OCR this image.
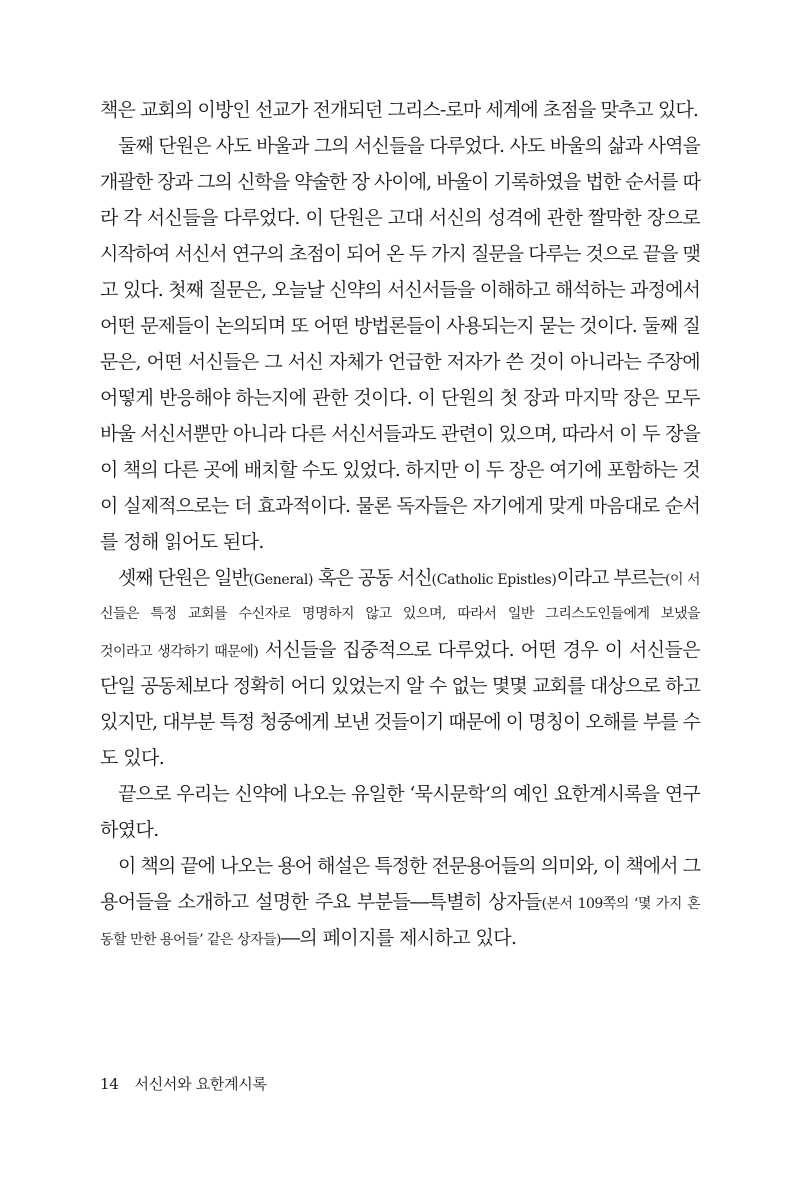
책은 교회의 이방인 선교가 전개되던 그리스-로마 세계에 초점을 맞추고 있다.
둘째 단원은 사도 바울과 그의 서신들을 다루었다. 사도 바울의 삶과 사역을
개괄한 장과 그의 신학을 약술한 장 사이에, 바울이 기록하였을 법한 순서를 따
라 각 서신들을 다루었다. 이 단원은 고대 서신의 성격에 관한 짤막한 장으로
시작하여 서신서 연구의 초점이 되어 온 두 가지 질문을 다루는 것으로 끝을 맺
고 있다. 첫째 질문은, 오늘날 신약의 서신서들을 이해하고 해석하는 과정에서
어떤 문제들이 논의되며 또 어떤 방법론들이 사용되는지 묻는 것이다. 둘째 질
문은, 어떤 서신들은 그 서신 자체가 언급한 저자가 쓴 것이 아니라는 주장에
어떻게 반응해야 하는지에 관한 것이다. 이 단원의 첫 장과 마지막 장은 모두
바울 서신서뿐만 아니라 다른 서신서들과도 관련이 있으며, 따라서 이 두 장을
이 책의 다른 곳에 배치할 수도 있었다. 하지만 이 두 장은 여기에 포함하는 것
이 실제적으로는 더 효과적이다. 물론 독자들은 자기에게 맞게 마음대로 순서
를 정해 읽어도 된다.
셋째 단원은 일반(General) 혹은 공동 서신(Catholic Epistles)이라고 부르는(이 서
신들은 특정 교회를 수신자로 명명하지 않고 있으며, 따라서 일반 그리스도인들에게 보냈을
것이라고 생각하기 때문에) 서신들을 집중적으로 다루었다. 어떤 경우 이 서신들은
단일 공동체보다 정확히 어디 있었는지 알 수 없는 몇몇 교회를 대상으로 하고
있지만, 대부분 특정 청중에게 보낸 것들이기 때문에 이 명칭이 오해를 부를 수
도 있다.
끝으로 우리는 신약에 나오는 유일한 ‘묵시문학’의 예인 요한계시록을 연구
하였다.
이 책의 끝에 나오는 용어 해설은 특정한 전문용어들의 의미와, 이 책에서 그
용어들을 소개하고 설명한 주요 부분들―특별히 상자들(본서 109쪽의 ‘몇 가지 혼
동할 만한 용어들’ 같은 상자들)―의 페이지를 제시하고 있다.
14 서신서와 요한계시록
